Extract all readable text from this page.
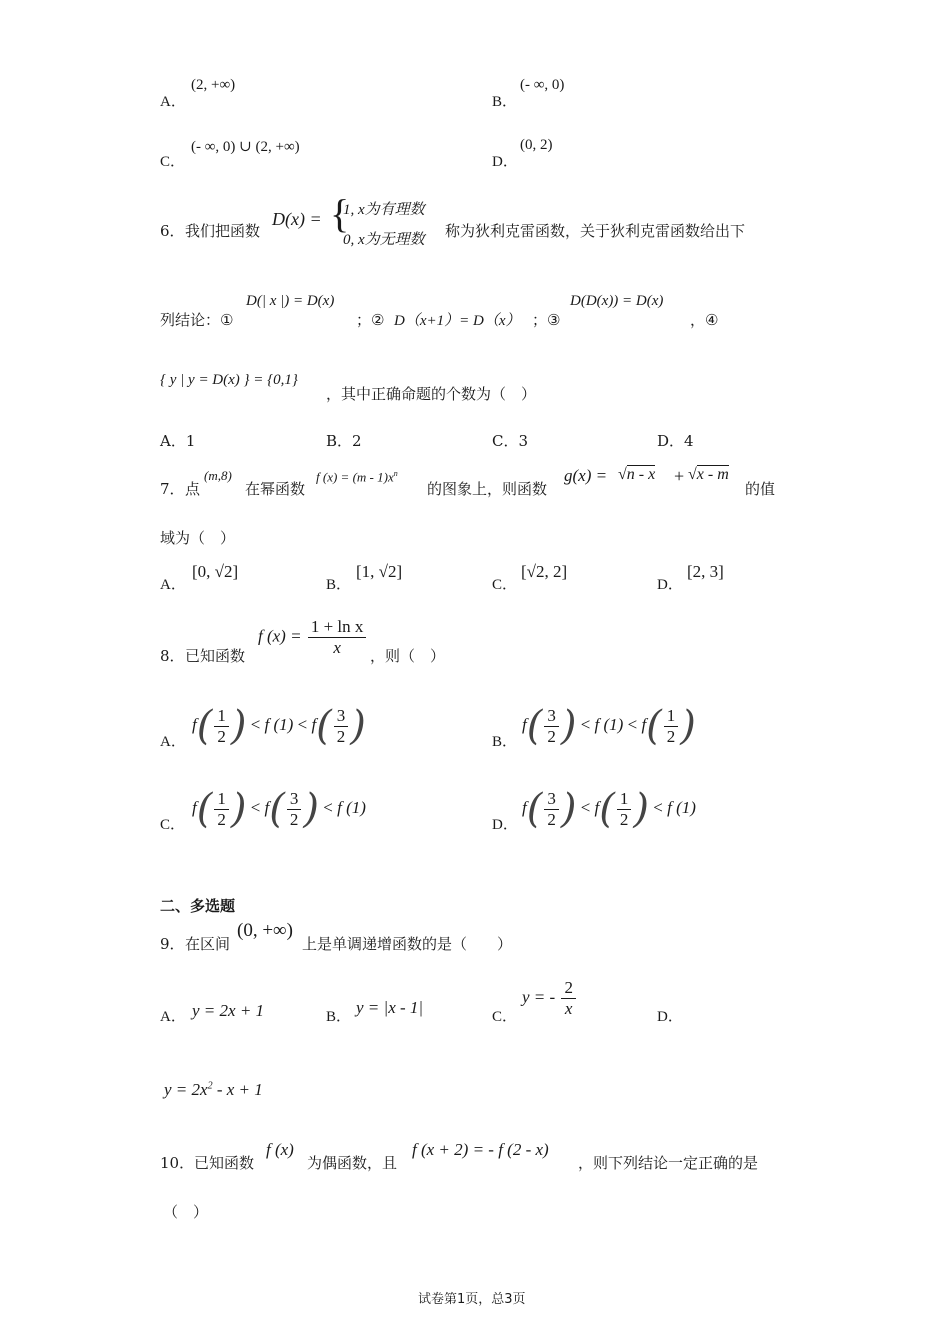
A．
(2, +∞)
B．
(- ∞, 0)
C．
(- ∞, 0) ∪ (2, +∞)
D．
(0, 2)
6． 我们把函数
D(x) = {
1, x为有理数
0, x为无理数 称为狄利克雷函数，关于狄利克雷函数给出下
列结论：①
D(| x |) = D(x)
；② D（x+1）= D（x） ；③
D(D(x)) = D(x)
，④
{ y | y = D(x) } = {0,1}
，其中正确命题的个数为（　）
A．1	B．2	C．3	D．4
7． 点
(m,8)
在幂函数
f $(x) = (m - 1)x^n$
的图象上，则函数
g(x) = √n - x + √x - m
的值
域为（　）
A．
[0, √2]
B．
[1, √2]
C．
[√2, 2]
D．
[2, 3]
8． 已知函数
f $(x) = \frac{\text{1 + ln x}}{x}$ ，则（　）
A．
$f( \frac{1}{2}$ ) < f $(1) < f( \frac{3}{2}$ )	B．
$f( \frac{3}{2}$ ) < f $(1) < f( \frac{1}{2}$ )
C．
$f( \frac{1}{2}$ ) < $f( \frac{3}{2}$ ) < f (1)
D．
$f( \frac{3}{2}$ ) < $f( \frac{1}{2}$ ) < f (1)
二、多选题
9． 在区间
(0, +∞)
上是单调递增函数的是（　　）
A． y = 2x + 1	B． y = |x - 1|	C．
y = - $\frac{2}{x}$	D．
$y = 2x^2 - x + 1$
10． 已知函数
f (x)
为偶函数，且
f (x + 2) = - f (2 - x)
，则下列结论一定正确的是
（　）
试卷第1页，总3页
